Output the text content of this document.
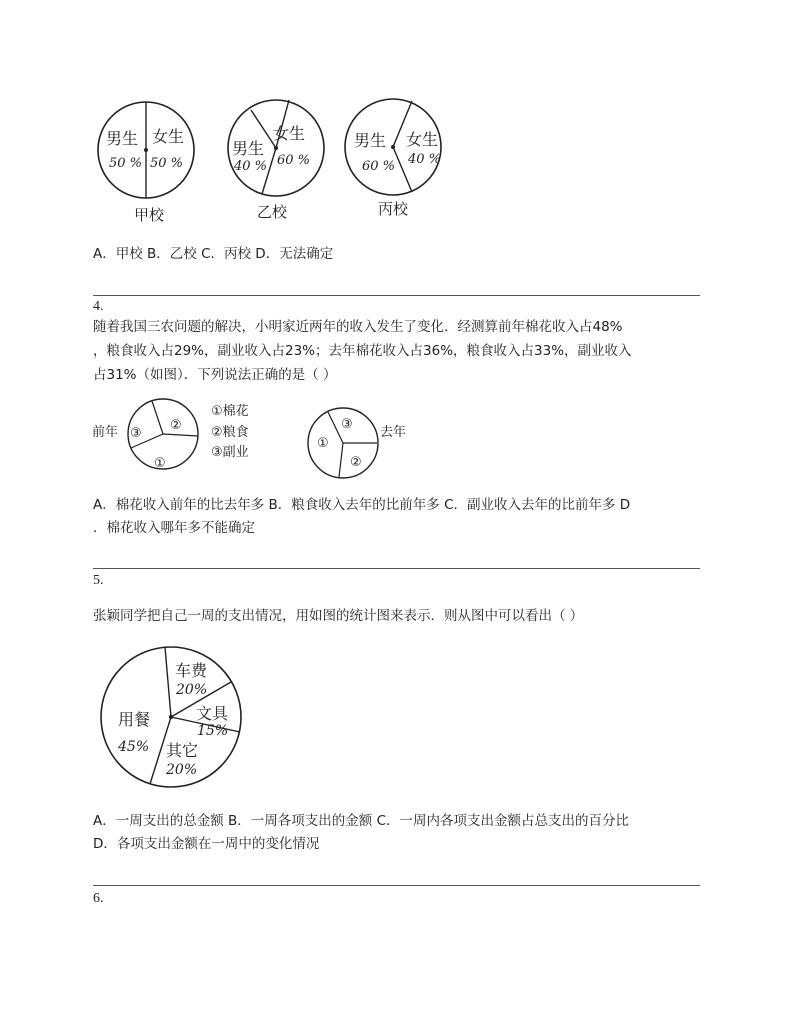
男生
50 %
女生
50 %
甲校
男生
40 %
女生
60 %
乙校
男生
60 %
女生
40 %
丙校
A．甲校 B．乙校 C．丙校 D．无法确定
4.
随着我国三农问题的解决，小明家近两年的收入发生了变化．经测算前年棉花收入占48%
，粮食收入占29%，副业收入占23%；去年棉花收入占36%，粮食收入占33%，副业收入
占31%（如图）．下列说法正确的是（ ）
前年 ③
②
①
①棉花
②粮食
③副业
③
①
②
去年
A．棉花收入前年的比去年多 B．粮食收入去年的比前年多 C．副业收入去年的比前年多 D
．棉花收入哪年多不能确定
5.
张颖同学把自己一周的支出情况，用如图的统计图来表示．则从图中可以看出（ ）
用餐
45%
车费
20%
文具
15%
其它
20%
A．一周支出的总金额 B．一周各项支出的金额 C．一周内各项支出金额占总支出的百分比
D．各项支出金额在一周中的变化情况
6.
